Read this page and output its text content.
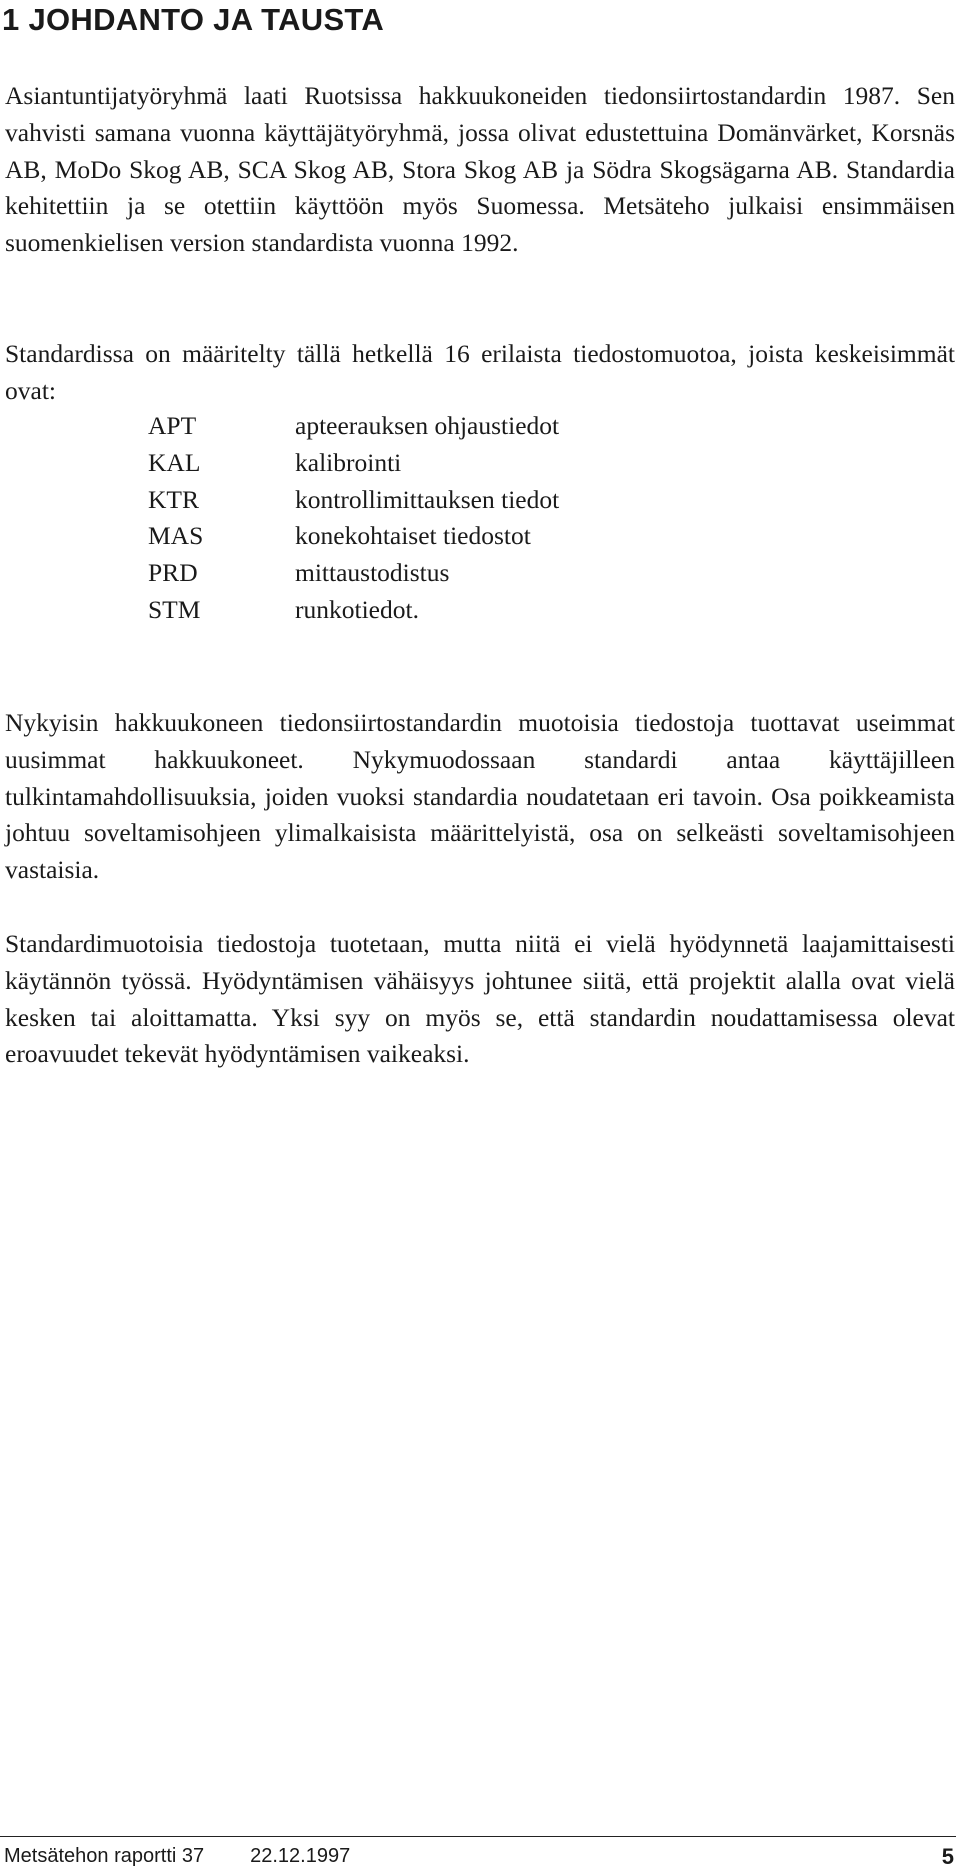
1 JOHDANTO JA TAUSTA

Asiantuntijatyöryhmä laati Ruotsissa hakkuukoneiden tiedonsiirtostandardin 1987. Sen vahvisti samana vuonna käyttäjätyöryhmä, jossa olivat edustettuina Domänvärket, Korsnäs AB, MoDo Skog AB, SCA Skog AB, Stora Skog AB ja Södra Skogsägarna AB. Standardia kehitettiin ja se otettiin käyttöön myös Suomessa. Metsäteho julkaisi ensimmäisen suomenkielisen version standardista vuonna 1992.

Standardissa on määritelty tällä hetkellä 16 erilaista tiedostomuotoa, joista keskeisimmät ovat:

APT	apteerauksen ohjaustiedot
KAL	kalibrointi
KTR	kontrollimittauksen tiedot
MAS	konekohtaiset tiedostot
PRD	mittaustodistus
STM	runkotiedot.

Nykyisin hakkuukoneen tiedonsiirtostandardin muotoisia tiedostoja tuottavat useimmat uusimmat hakkuukoneet. Nykymuodossaan standardi antaa käyttäjilleen tulkintamahdollisuuksia, joiden vuoksi standardia noudatetaan eri tavoin. Osa poikkeamista johtuu soveltamisohjeen ylimalkaisista määrittelyistä, osa on selkeästi soveltamisohjeen vastaisia.

Standardimuotoisia tiedostoja tuotetaan, mutta niitä ei vielä hyödynnetä laajamittaisesti käytännön työssä. Hyödyntämisen vähäisyys johtunee siitä, että projektit alalla ovat vielä kesken tai aloittamatta. Yksi syy on myös se, että standardin noudattamisessa olevat eroavuudet tekevät hyödyntämisen vaikeaksi.

Metsätehon raportti 37 22.12.1997	5
